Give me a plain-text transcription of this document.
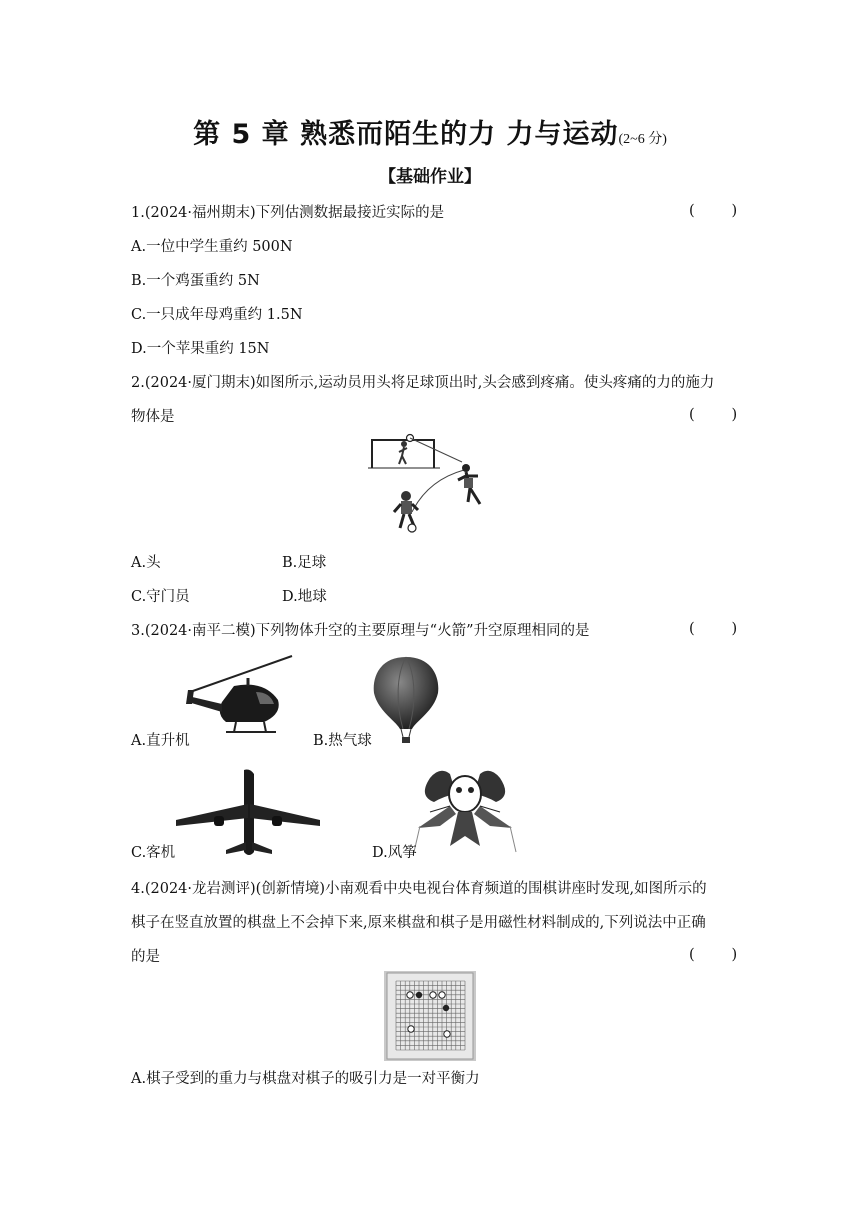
第 5 章 熟悉而陌生的力 力与运动(2~6 分)
【基础作业】
1.(2024·福州期末)下列估测数据最接近实际的是	(        )
A.一位中学生重约 500N
B.一个鸡蛋重约 5N
C.一只成年母鸡重约 1.5N
D.一个苹果重约 15N
2.(2024·厦门期末)如图所示,运动员用头将足球顶出时,头会感到疼痛。使头疼痛的力的施力
物体是	(        )
A.头	B.足球
C.守门员	D.地球
3.(2024·南平二模)下列物体升空的主要原理与“火箭”升空原理相同的是	(        )
A.直升机	B.热气球
C.客机	D.风筝
4.(2024·龙岩测评)(创新情境)小南观看中央电视台体育频道的围棋讲座时发现,如图所示的
棋子在竖直放置的棋盘上不会掉下来,原来棋盘和棋子是用磁性材料制成的,下列说法中正确
的是	(        )
A.棋子受到的重力与棋盘对棋子的吸引力是一对平衡力
